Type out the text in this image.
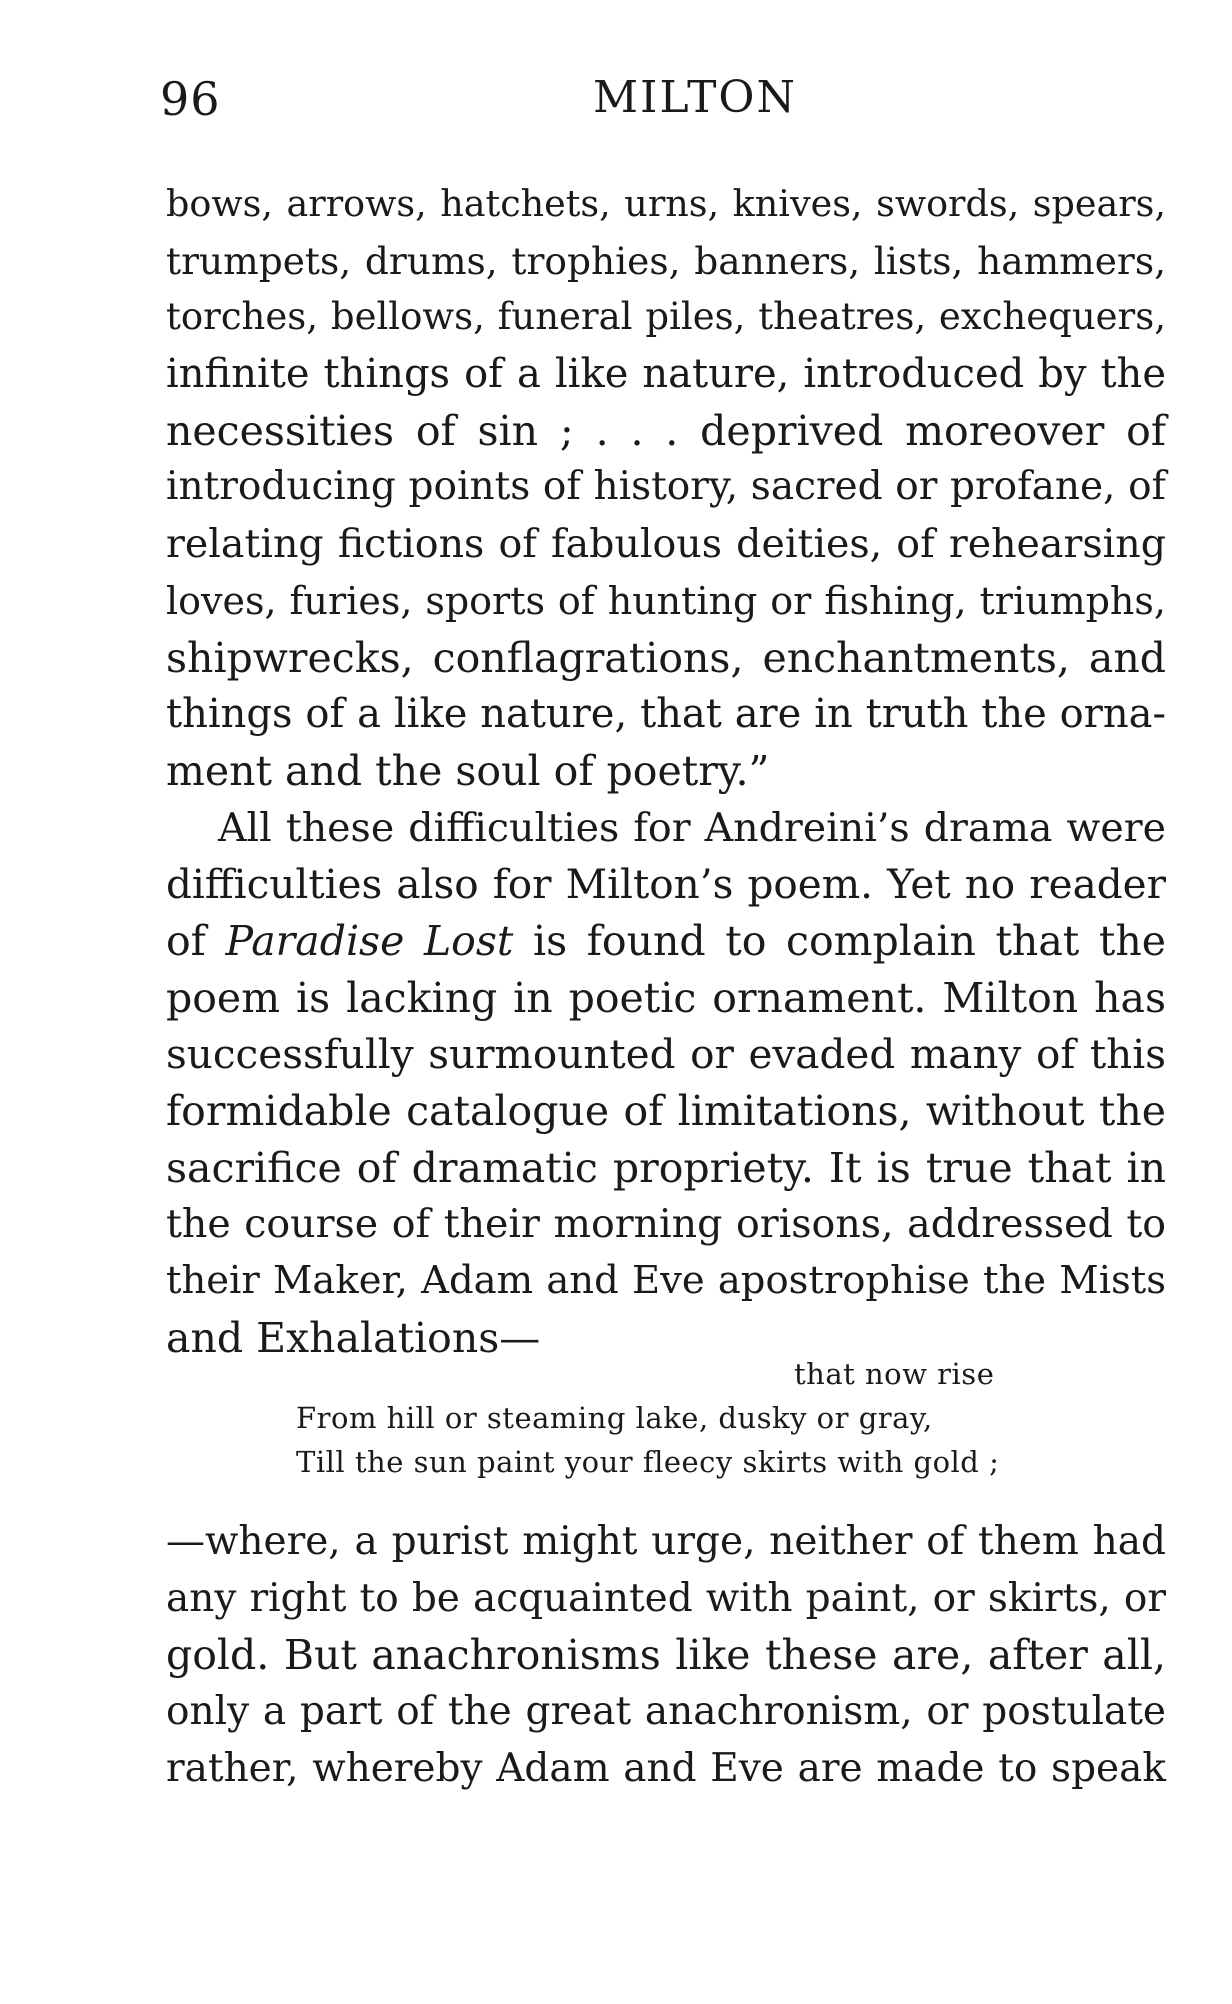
96	MILTON
bows, arrows, hatchets, urns, knives, swords, spears,
trumpets, drums, trophies, banners, lists, hammers,
torches, bellows, funeral piles, theatres, exchequers,
infinite things of a like nature, introduced by the
necessities of sin ; . . . deprived moreover of
introducing points of history, sacred or profane, of
relating fictions of fabulous deities, of rehearsing
loves, furies, sports of hunting or fishing, triumphs,
shipwrecks, conflagrations, enchantments, and
things of a like nature, that are in truth the orna-
ment and the soul of poetry.”
All these difficulties for Andreini’s drama were
difficulties also for Milton’s poem. Yet no reader
of Paradise Lost is found to complain that the
poem is lacking in poetic ornament. Milton has
successfully surmounted or evaded many of this
formidable catalogue of limitations, without the
sacrifice of dramatic propriety. It is true that in
the course of their morning orisons, addressed to
their Maker, Adam and Eve apostrophise the Mists
and Exhalations—
that now rise
From hill or steaming lake, dusky or gray,
Till the sun paint your fleecy skirts with gold ;
—where, a purist might urge, neither of them had
any right to be acquainted with paint, or skirts, or
gold. But anachronisms like these are, after all,
only a part of the great anachronism, or postulate
rather, whereby Adam and Eve are made to speak
